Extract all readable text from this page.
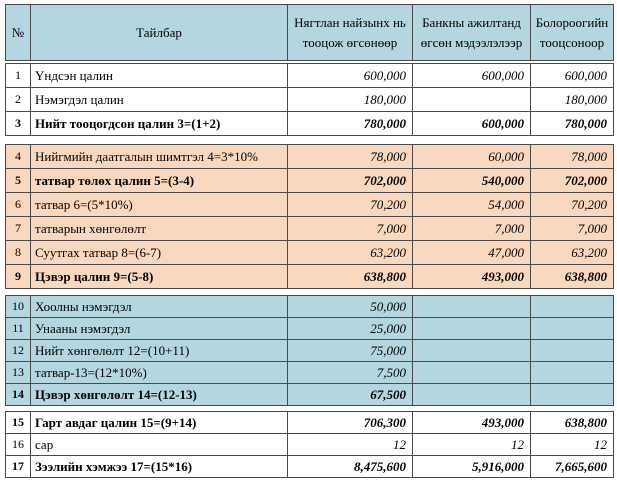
№	Тайлбар	Нягтлан найзынх нь тооцож өгсөнөөр	Банкны ажилтанд өгсөн мэдээлэлээр	Болороогийн тооцсоноор
1	Үндсэн цалин	600,000	600,000	600,000
2	Нэмэгдэл цалин	180,000		180,000
3	Нийт тооцогдсон цалин 3=(1+2)	780,000	600,000	780,000
4	Нийгмийн даатгалын шимтгэл 4=3*10%	78,000	60,000	78,000
5	татвар төлөх цалин 5=(3-4)	702,000	540,000	702,000
6	татвар 6=(5*10%)	70,200	54,000	70,200
7	татварын хөнгөлөлт	7,000	7,000	7,000
8	Суутгах татвар 8=(6-7)	63,200	47,000	63,200
9	Цэвэр цалин 9=(5-8)	638,800	493,000	638,800
10	Хоолны нэмэгдэл	50,000		
11	Унааны нэмэгдэл	25,000		
12	Нийт хөнгөлөлт 12=(10+11)	75,000		
13	татвар-13=(12*10%)	7,500		
14	Цэвэр хөнгөлөлт 14=(12-13)	67,500		
15	Гарт авдаг цалин 15=(9+14)	706,300	493,000	638,800
16	сар	12	12	12
17	Зээлийн хэмжээ 17=(15*16)	8,475,600	5,916,000	7,665,600
